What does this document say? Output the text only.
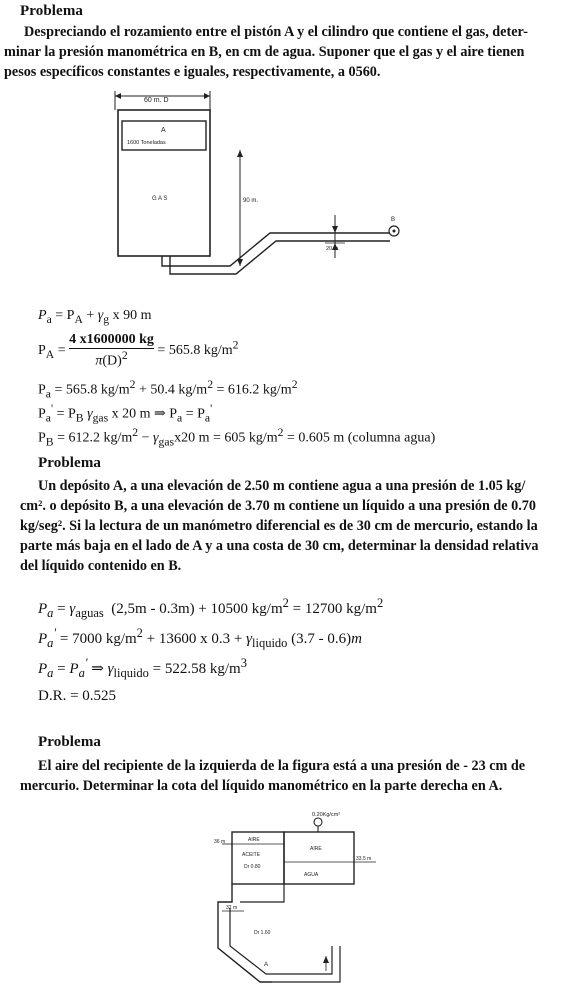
Problema
Despreciando el rozamiento entre el pistón A y el cilindro que contiene el gas, deter-
minar la presión manométrica en B, en cm de agua. Suponer que el gas y el aire tienen
pesos específicos constantes e iguales, respectivamente, a 0560.
60 m. D
A
1600 Toneladas
G A S	90 m.
B
20 m.
$P_a = P_A + \gamma_g$ x 90 m
$P_A = \frac{4 x1600000 kg}{\pi(D)^2} = 565.8$ $kg/m^2$
$P_a = 565.8$ $kg/m^2 + 50.4$ $kg/m^2 = 616.2$ $kg/m^2$
$P_a' = P_B$ $\gamma_{gas}$ x 20 m ⇒ $P_a = P_a'$
$P_B = 612.2$ $kg/m^2 - \gamma_{gas}x20$ m = 605 $kg/m^2 = 0.605$ m (columna agua)
Problema
Un depósito A, a una elevación de 2.50 m contiene agua a una presión de 1.05 kg/
cm². o depósito B, a una elevación de 3.70 m contiene un líquido a una presión de 0.70
kg/seg². Si la lectura de un manómetro diferencial es de 30 cm de mercurio, estando la
parte más baja en el lado de A y a una costa de 30 cm, determinar la densidad relativa
del líquido contenido en B.
$P_a = \gamma_{aguas}$  (2,5m - 0.3m) + 10500 $kg/m^2 = 12700$ $kg/m^2$
$P_a' = 7000$ $kg/m^2 + 13600$ x $0.3 + \gamma_{liquido}$ (3.7 - 0.6)m
$P_a = P_a'$ ⇒ $\gamma_{liquido} = 522.58$ $kg/m^3$
D.R. = 0.525
Problema
El aire del recipiente de la izquierda de la figura está a una presión de - 23 cm de
mercurio. Determinar la cota del líquido manométrico en la parte derecha en A.
0.20Kg/cm²
AIRE
ACEITE
Dr 0.80
36 m
AIRE
AGUA
33.5 m
32 m
Dr 1.60
A
